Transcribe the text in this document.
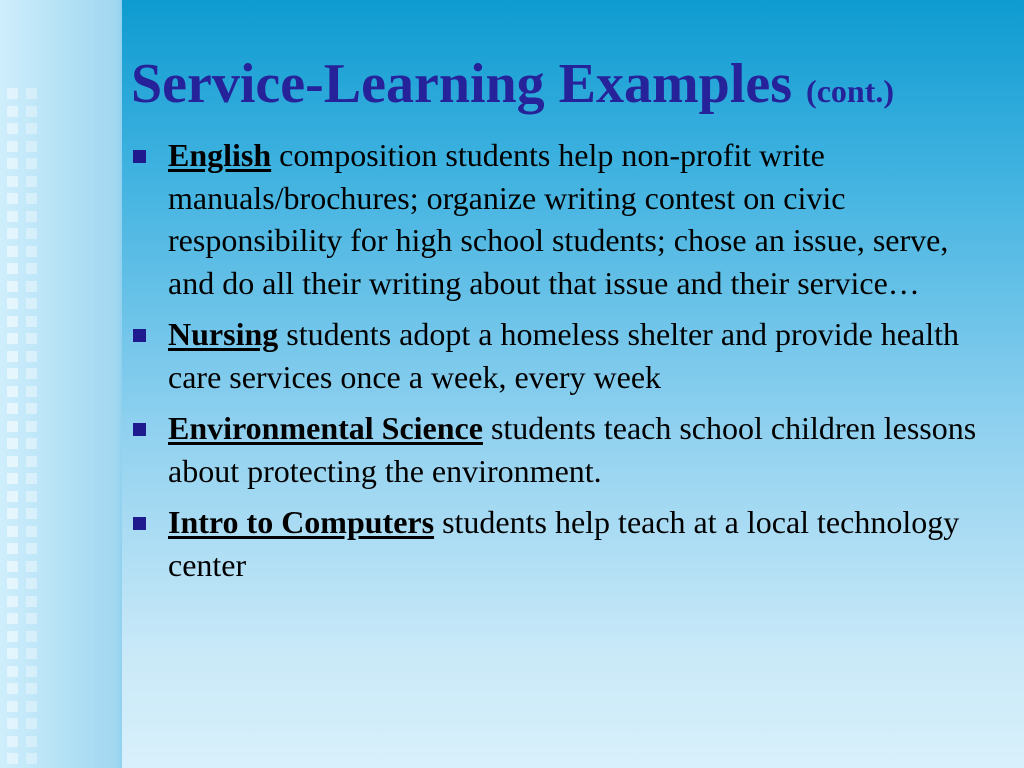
Service-Learning Examples (cont.)
English composition students help non-profit write manuals/brochures; organize writing contest on civic responsibility for high school students; chose an issue, serve, and do all their writing about that issue and their service…
Nursing students adopt a homeless shelter and provide health care services once a week, every week
Environmental Science students teach school children lessons about protecting the environment.
Intro to Computers students help teach at a local technology center
